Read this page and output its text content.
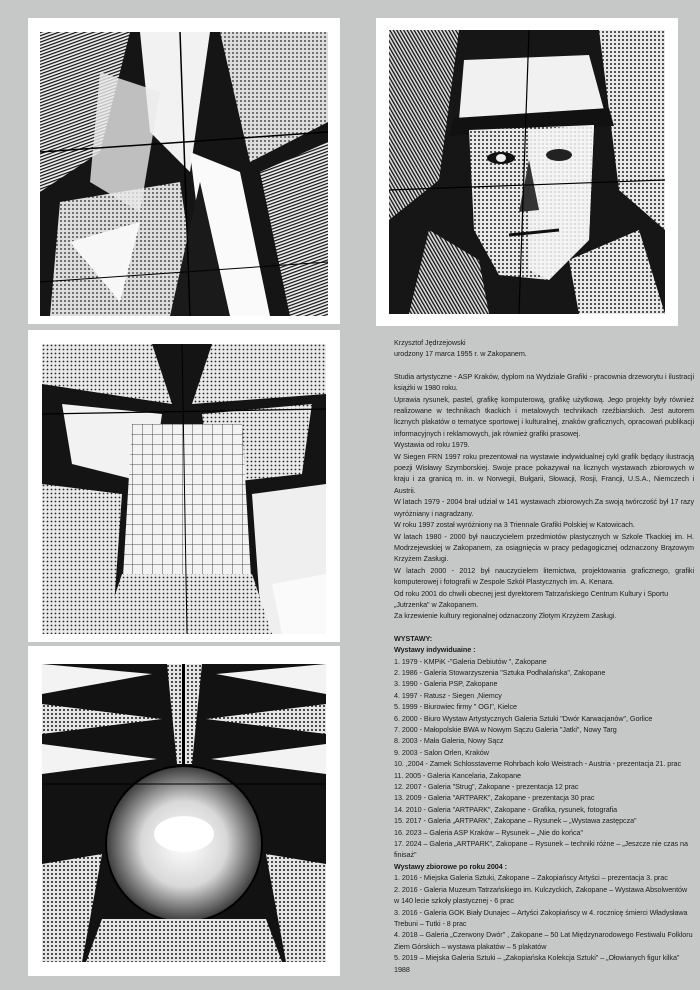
Krzysztof Jędrzejowski

urodzony 17 marca 1955 r. w Zakopanem.

Studia artystyczne - ASP Kraków, dyplom na Wydziale Grafiki - pracownia drzeworytu i ilustracji książki w 1980 roku.

Uprawia rysunek, pastel, grafikę komputerową, grafikę użytkową. Jego projekty były również realizowane w technikach tkackich i metalowych technikach rzeźbiarskich. Jest autorem licznych plakatów o tematyce sportowej i kulturalnej, znaków graficznych, opracowań publikacji informacyjnych i reklamowych, jak również grafiki prasowej.

Wystawia od roku 1979.

W Siegen FRN 1997 roku prezentował na wystawie indywidualnej cykl grafik będący ilustracją poezji Wisławy Szymborskiej. Swoje prace pokazywał na licznych wystawach zbiorowych w kraju i za granicą m. in. w Norwegii, Bułgarii, Słowacji, Rosji, Francji, U.S.A., Niemczech i Austrii.

W latach 1979 - 2004 brał udział w 141 wystawach zbiorowych.Za swoją twórczość był 17 razy wyróżniany i nagradzany.

W roku 1997 został wyróżniony na 3 Triennale Grafiki Polskiej w Katowicach.

W latach 1980 - 2000 był nauczycielem przedmiotów plastycznych w Szkole Tkackiej im. H. Modrzejewskiej w Zakopanem, za osiągnięcia w pracy pedagogicznej odznaczony Brązowym Krzyżem Zasługi.

W latach 2000 - 2012 był nauczycielem liternictwa, projektowania graficznego, grafiki komputerowej i fotografii w Zespole Szkół Plastycznych im. A. Kenara.

Od roku 2001 do chwili obecnej jest dyrektorem Tatrzańskiego Centrum Kultury i Sportu „Jutrzenka" w Zakopanem.

Za krzewienie kultury regionalnej odznaczony Złotym Krzyżem Zasługi.

WYSTAWY:

Wystawy indywiduaine :

1. 1979 - KMPiK -"Galeria Debiutów ", Zakopane
2. 1986 - Galeria Stowarzyszenia "Sztuka Podhalańska", Zakopane
3. 1990 - Galeria PSP, Zakopane
4. 1997 - Ratusz - Siegen ,Niemcy
5. 1999 - Biurowiec firmy " OGI", Kielce
6. 2000 - Biuro Wystaw Artystycznych Galeria Sztuki "Dwór Karwacjanów", Gorlice
7. 2000 - Małopolskie BWA w Nowym Sączu Galeria "Jatki", Nowy Targ
8. 2003 - Mała Galeria, Nowy Sącz
9. 2003 - Salon Orlen, Kraków
10. ,2004 - Zamek Schlosstaverne Rohrbach koło Weistrach - Austria - prezentacja 21. prac
11. 2005 - Galeria Kancelaria, Zakopane
12. 2007 - Galeria "Strug", Zakopane - prezentacja 12 prac
13. 2009 - Galeria "ARTPARK", Zakopane - prezentacja 30 prac
14. 2010 - Galeria "ARTPARK", Zakopane - Grafika, rysunek, fotografia
15. 2017 - Galeria „ARTPARK", Zakopane – Rysunek – „Wystawa zastępcza"
16. 2023 – Galeria ASP Kraków – Rysunek – „Nie do końca"
17. 2024 – Galeria „ARTPARK", Zakopane – Rysunek – techniki różne – „Jeszcze nie czas na finisaż"

Wystawy zbiorowe po roku 2004 :

1. 2016 - Miejska Galeria Sztuki, Zakopane – Zakopiańscy Artyści – prezentacja 3. prac
2. 2016 - Galeria Muzeum Tatrzańskiego im. Kulczyckich, Zakopane – Wystawa Absolwentów w 140 lecie szkoły plastycznej - 6 prac
3. 2016 - Galeria GOK Biały Dunajec – Artyści Zakopiańscy w 4. rocznicę śmierci Władysława Trebuni – Tutki - 8 prac
4. 2018 – Galeria „Czerwony Dwór" , Zakopane – 50 Lat Międzynarodowego Festiwalu Folkloru Ziem Górskich – wystawa plakatów – 5 plakatów
5. 2019 – Miejska Galeria Sztuki – „Zakopiańska Kolekcja Sztuki" – „Ołowianych figur kilka" 1988
